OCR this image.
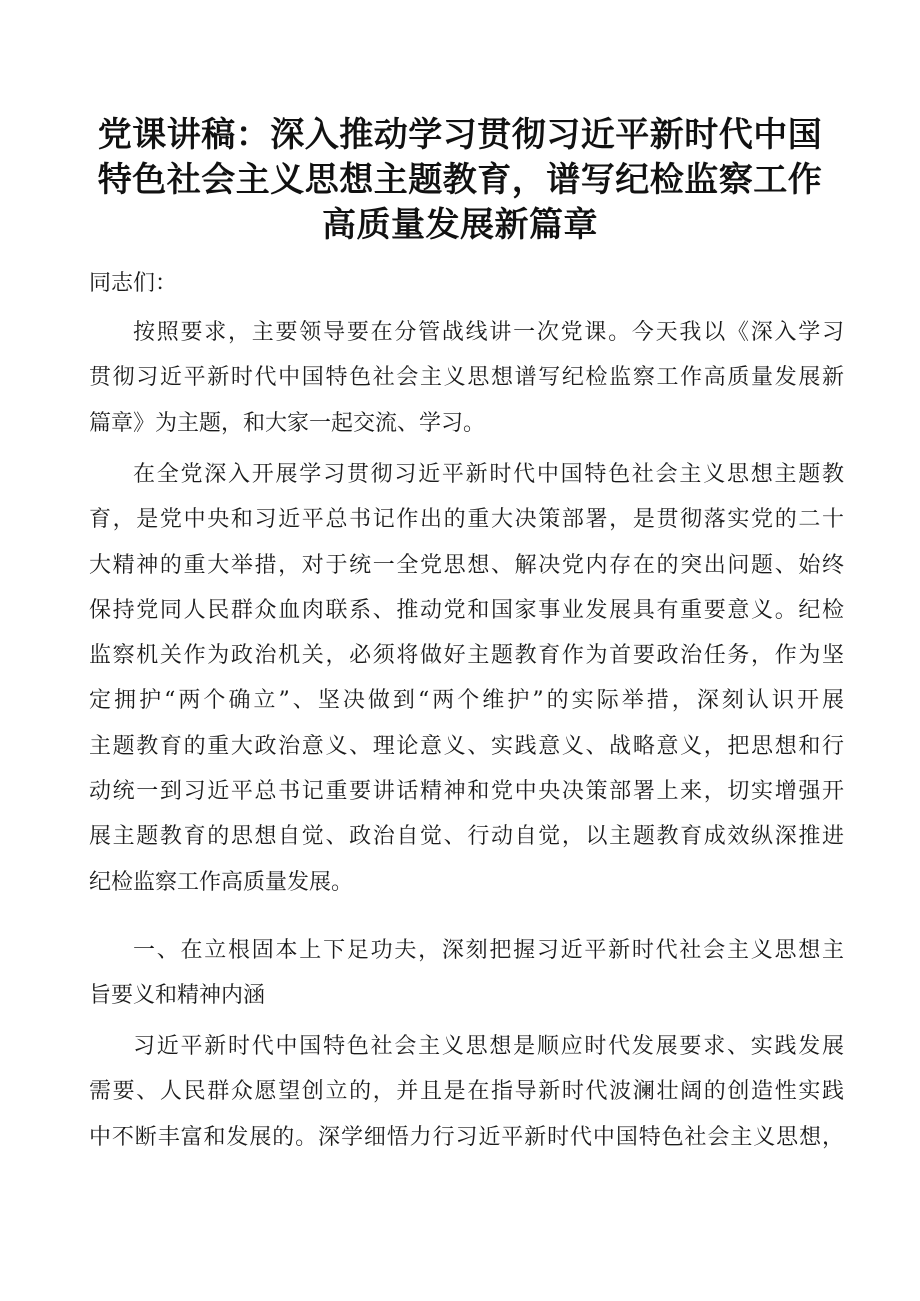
党课讲稿：深入推动学习贯彻习近平新时代中国
特色社会主义思想主题教育，谱写纪检监察工作
高质量发展新篇章
同志们：
按照要求，主要领导要在分管战线讲一次党课。今天我以《深入学习
贯彻习近平新时代中国特色社会主义思想谱写纪检监察工作高质量发展新
篇章》为主题，和大家一起交流、学习。
在全党深入开展学习贯彻习近平新时代中国特色社会主义思想主题教
育，是党中央和习近平总书记作出的重大决策部署，是贯彻落实党的二十
大精神的重大举措，对于统一全党思想、解决党内存在的突出问题、始终
保持党同人民群众血肉联系、推动党和国家事业发展具有重要意义。纪检
监察机关作为政治机关，必须将做好主题教育作为首要政治任务，作为坚
定拥护“两个确立”、坚决做到“两个维护”的实际举措，深刻认识开展
主题教育的重大政治意义、理论意义、实践意义、战略意义，把思想和行
动统一到习近平总书记重要讲话精神和党中央决策部署上来，切实增强开
展主题教育的思想自觉、政治自觉、行动自觉，以主题教育成效纵深推进
纪检监察工作高质量发展。
一、在立根固本上下足功夫，深刻把握习近平新时代社会主义思想主
旨要义和精神内涵
习近平新时代中国特色社会主义思想是顺应时代发展要求、实践发展
需要、人民群众愿望创立的，并且是在指导新时代波澜壮阔的创造性实践
中不断丰富和发展的。深学细悟力行习近平新时代中国特色社会主义思想，
